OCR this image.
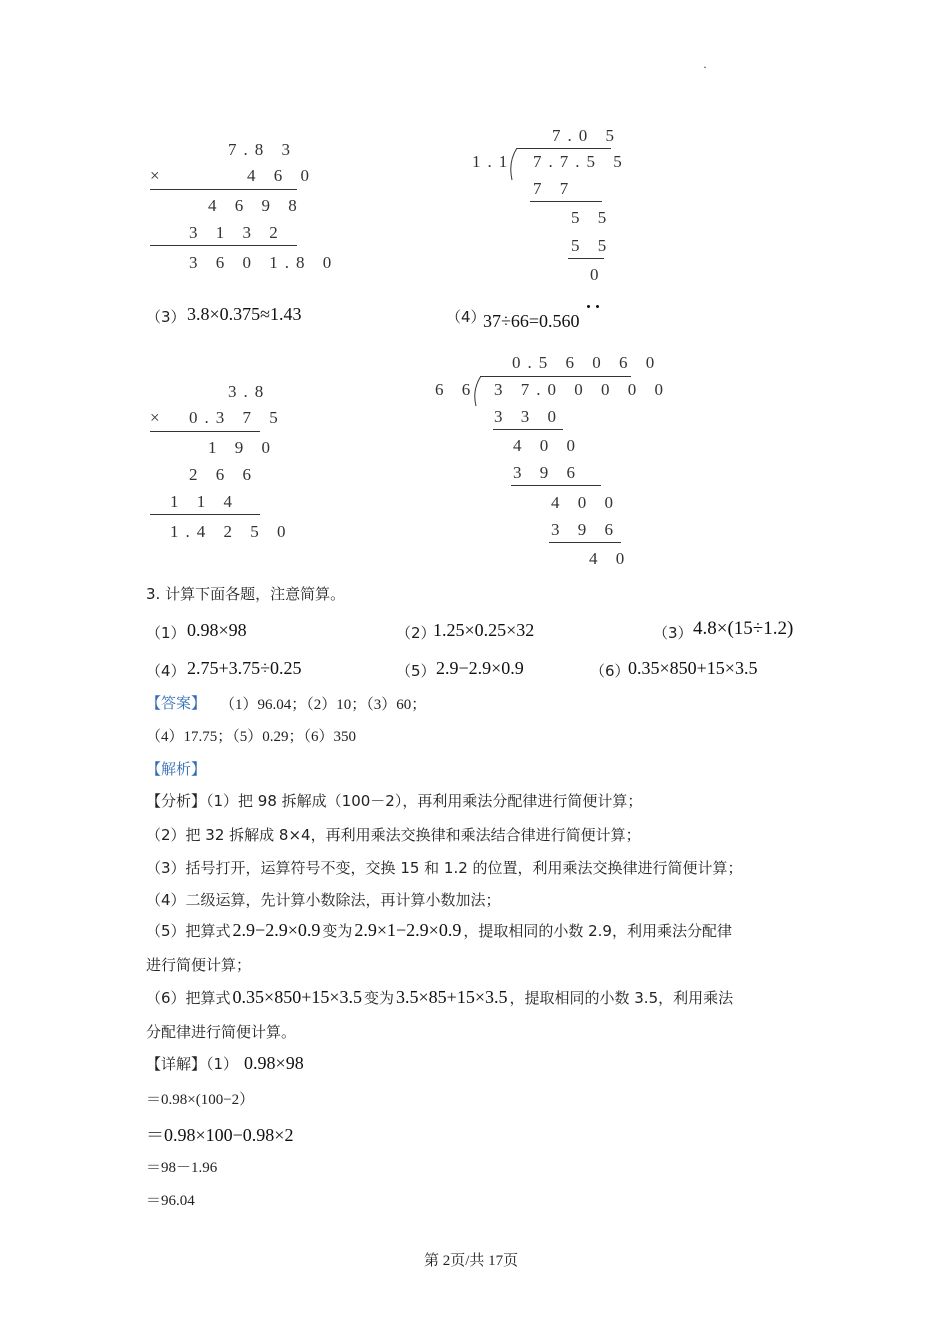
·
7.8 3
×	4 6 0
4 6 9 8
3 1 3 2
3 6 0 1.8 0
7.0 5
1.1 7.7.5 5
7 7
5 5
5 5
0
（3） 3.8×0.375≈1.43	（4）
37÷66=0.560
3.8
× 0.3 7 5
1 9 0
2 6 6
1 1 4
1.4 2 5 0
0.5 6 0 6 0
6 6 3 7.0 0 0 0 0
3 3 0
4 0 0
3 9 6
4 0 0
3 9 6
4 0
3. 计算下面各题，注意简算。
（1） 0.98×98	（2）
1.25×0.25×32	（3） 4.8×(15÷1.2)
（4） 2.75+3.75÷0.25	（5） 2.9−2.9×0.9	（6）
0.35×850+15×3.5
【答案】 （1）96.04；（2）10；（3）60；
（4）17.75；（5）0.29；（6）350
【解析】
【分析】（1）把 98 拆解成（100－2），再利用乘法分配律进行简便计算；
（2）把 32 拆解成 8×4，再利用乘法交换律和乘法结合律进行简便计算；
（3）括号打开，运算符号不变，交换 15 和 1.2 的位置，利用乘法交换律进行简便计算；
（4）二级运算，先计算小数除法，再计算小数加法；
（5）把算式 2.9−2.9×0.9 变为 2.9×1−2.9×0.9 ，提取相同的小数 2.9，利用乘法分配律
进行简便计算；
（6）把算式 0.35×850+15×3.5 变为 3.5×85+15×3.5 ，提取相同的小数 3.5，利用乘法
分配律进行简便计算。
【详解】（1） 0.98×98
＝0.98×(100−2）
＝0.98×100−0.98×2
＝98－1.96
＝96.04
第 2页/共 17页
